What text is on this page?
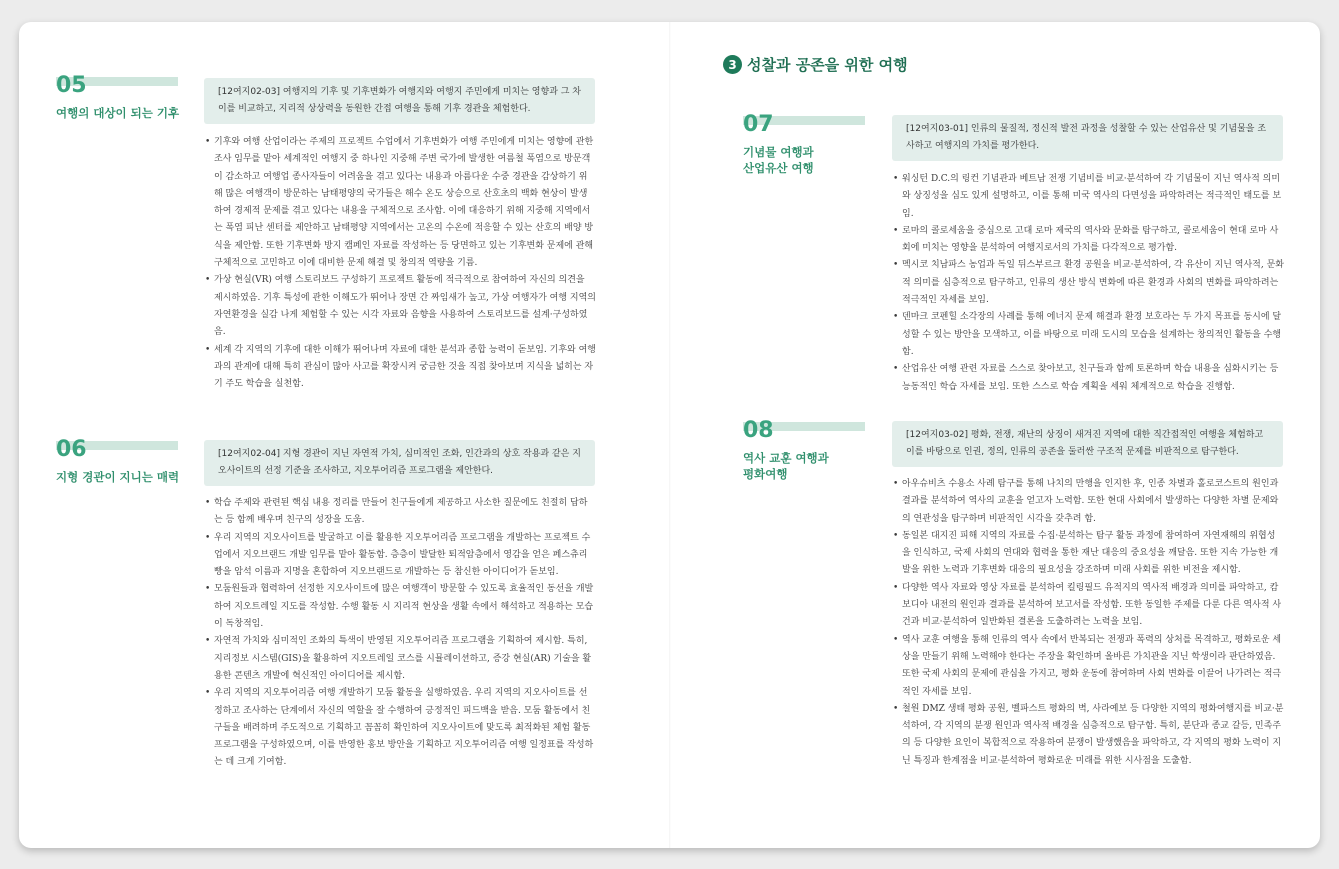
05
여행의 대상이 되는 기후
[12여지02-03] 여행지의 기후 및 기후변화가 여행지와 여행지 주민에게 미치는 영향과 그 차이를 비교하고, 지리적 상상력을 동원한 간접 여행을 통해 기후 경관을 체험한다.
• 기후와 여행 산업이라는 주제의 프로젝트 수업에서 기후변화가 여행 주민에게 미치는 영향에 관한 조사 임무를 맡아 세계적인 여행지 중 하나인 지중해 주변 국가에 발생한 여름철 폭염으로 방문객이 감소하고 여행업 종사자들이 어려움을 겪고 있다는 내용과 아름다운 수중 경관을 감상하기 위해 많은 여행객이 방문하는 남태평양의 국가들은 해수 온도 상승으로 산호초의 백화 현상이 발생하여 경제적 문제를 겪고 있다는 내용을 구체적으로 조사함. 이에 대응하기 위해 지중해 지역에서는 폭염 피난 센터를 제안하고 남태평양 지역에서는 고온의 수온에 적응할 수 있는 산호의 배양 방식을 제안함. 또한 기후변화 방지 캠페인 자료를 작성하는 등 당면하고 있는 기후변화 문제에 관해 구체적으로 고민하고 이에 대비한 문제 해결 및 창의적 역량을 기름.
• 가상 현실(VR) 여행 스토리보드 구성하기 프로젝트 활동에 적극적으로 참여하여 자신의 의견을 제시하였음. 기후 특성에 관한 이해도가 뛰어나 장면 간 짜임새가 높고, 가상 여행자가 여행 지역의 자연환경을 실감 나게 체험할 수 있는 시각 자료와 음향을 사용하여 스토리보드를 설계·구성하였음.
• 세계 각 지역의 기후에 대한 이해가 뛰어나며 자료에 대한 분석과 종합 능력이 돋보임. 기후와 여행과의 관계에 대해 특히 관심이 많아 사고를 확장시켜 궁금한 것을 직접 찾아보며 지식을 넓히는 자기 주도 학습을 실천함.
06
지형 경관이 지니는 매력
[12여지02-04] 지형 경관이 지닌 자연적 가치, 심미적인 조화, 인간과의 상호 작용과 같은 지오사이트의 선정 기준을 조사하고, 지오투어리즘 프로그램을 제안한다.
• 학습 주제와 관련된 핵심 내용 정리를 만들어 친구들에게 제공하고 사소한 질문에도 친절히 답하는 등 함께 배우며 친구의 성장을 도움.
• 우리 지역의 지오사이트를 발굴하고 이를 활용한 지오투어리즘 프로그램을 개발하는 프로젝트 수업에서 지오브랜드 개발 임무를 맡아 활동함. 층층이 발달한 퇴적암층에서 영감을 얻은 페스츄리 빵을 암석 이름과 지명을 혼합하여 지오브랜드로 개발하는 등 참신한 아이디어가 돋보임.
• 모둠원들과 협력하여 선정한 지오사이트에 많은 여행객이 방문할 수 있도록 효율적인 동선을 개발하여 지오트레일 지도를 작성함. 수행 활동 시 지리적 현상을 생활 속에서 해석하고 적용하는 모습이 독창적임.
• 자연적 가치와 심미적인 조화의 특색이 반영된 지오투어리즘 프로그램을 기획하여 제시함. 특히, 지리정보 시스템(GIS)을 활용하여 지오트레일 코스를 시뮬레이션하고, 증강 현실(AR) 기술을 활용한 콘텐츠 개발에 혁신적인 아이디어를 제시함.
• 우리 지역의 지오투어리즘 여행 개발하기 모둠 활동을 실행하였음. 우리 지역의 지오사이트를 선정하고 조사하는 단계에서 자신의 역할을 잘 수행하여 긍정적인 피드백을 받음. 모둠 활동에서 친구들을 배려하며 주도적으로 기획하고 꼼꼼히 확인하여 지오사이트에 맞도록 최적화된 체험 활동 프로그램을 구성하였으며, 이를 반영한 홍보 방안을 기획하고 지오투어리즘 여행 일정표를 작성하는 데 크게 기여함.
3 성찰과 공존을 위한 여행
07
기념물 여행과
산업유산 여행
[12여지03-01] 인류의 물질적, 정신적 발전 과정을 성찰할 수 있는 산업유산 및 기념물을 조사하고 여행지의 가치를 평가한다.
• 워싱턴 D.C.의 링컨 기념관과 베트남 전쟁 기념비를 비교·분석하여 각 기념물이 지닌 역사적 의미와 상징성을 심도 있게 설명하고, 이를 통해 미국 역사의 다면성을 파악하려는 적극적인 태도를 보임.
• 로마의 콜로세움을 중심으로 고대 로마 제국의 역사와 문화를 탐구하고, 콜로세움이 현대 로마 사회에 미치는 영향을 분석하여 여행지로서의 가치를 다각적으로 평가함.
• 멕시코 치남파스 농업과 독일 뒤스부르크 환경 공원을 비교·분석하여, 각 유산이 지닌 역사적, 문화적 의미를 심층적으로 탐구하고, 인류의 생산 방식 변화에 따른 환경과 사회의 변화를 파악하려는 적극적인 자세를 보임.
• 덴마크 코펜힐 소각장의 사례를 통해 에너지 문제 해결과 환경 보호라는 두 가지 목표를 동시에 달성할 수 있는 방안을 모색하고, 이를 바탕으로 미래 도시의 모습을 설계하는 창의적인 활동을 수행함.
• 산업유산 여행 관련 자료를 스스로 찾아보고, 친구들과 함께 토론하며 학습 내용을 심화시키는 등 능동적인 학습 자세를 보임. 또한 스스로 학습 계획을 세워 체계적으로 학습을 진행함.
08
역사 교훈 여행과
평화여행
[12여지03-02] 평화, 전쟁, 재난의 상징이 새겨진 지역에 대한 직간접적인 여행을 체험하고 이를 바탕으로 인권, 정의, 인류의 공존을 둘러싼 구조적 문제를 비판적으로 탐구한다.
• 아우슈비츠 수용소 사례 탐구를 통해 나치의 만행을 인지한 후, 인종 차별과 홀로코스트의 원인과 결과를 분석하여 역사의 교훈을 얻고자 노력함. 또한 현대 사회에서 발생하는 다양한 차별 문제와의 연관성을 탐구하며 비판적인 시각을 갖추려 함.
• 동일본 대지진 피해 지역의 자료를 수집·분석하는 탐구 활동 과정에 참여하여 자연재해의 위협성을 인식하고, 국제 사회의 연대와 협력을 통한 재난 대응의 중요성을 깨달음. 또한 지속 가능한 개발을 위한 노력과 기후변화 대응의 필요성을 강조하며 미래 사회를 위한 비전을 제시함.
• 다양한 역사 자료와 영상 자료를 분석하여 킬링필드 유적지의 역사적 배경과 의미를 파악하고, 캄보디아 내전의 원인과 결과를 분석하여 보고서를 작성함. 또한 동일한 주제를 다룬 다른 역사적 사건과 비교·분석하여 일반화된 결론을 도출하려는 노력을 보임.
• 역사 교훈 여행을 통해 인류의 역사 속에서 반복되는 전쟁과 폭력의 상처를 목격하고, 평화로운 세상을 만들기 위해 노력해야 한다는 주장을 확인하며 올바른 가치관을 지닌 학생이라 판단하였음. 또한 국제 사회의 문제에 관심을 가지고, 평화 운동에 참여하며 사회 변화를 이끌어 나가려는 적극적인 자세를 보임.
• 철원 DMZ 생태 평화 공원, 벨파스트 평화의 벽, 사라예보 등 다양한 지역의 평화여행지를 비교·분석하여, 각 지역의 분쟁 원인과 역사적 배경을 심층적으로 탐구함. 특히, 분단과 종교 갈등, 민족주의 등 다양한 요인이 복합적으로 작용하여 분쟁이 발생했음을 파악하고, 각 지역의 평화 노력이 지닌 특징과 한계점을 비교·분석하여 평화로운 미래를 위한 시사점을 도출함.
